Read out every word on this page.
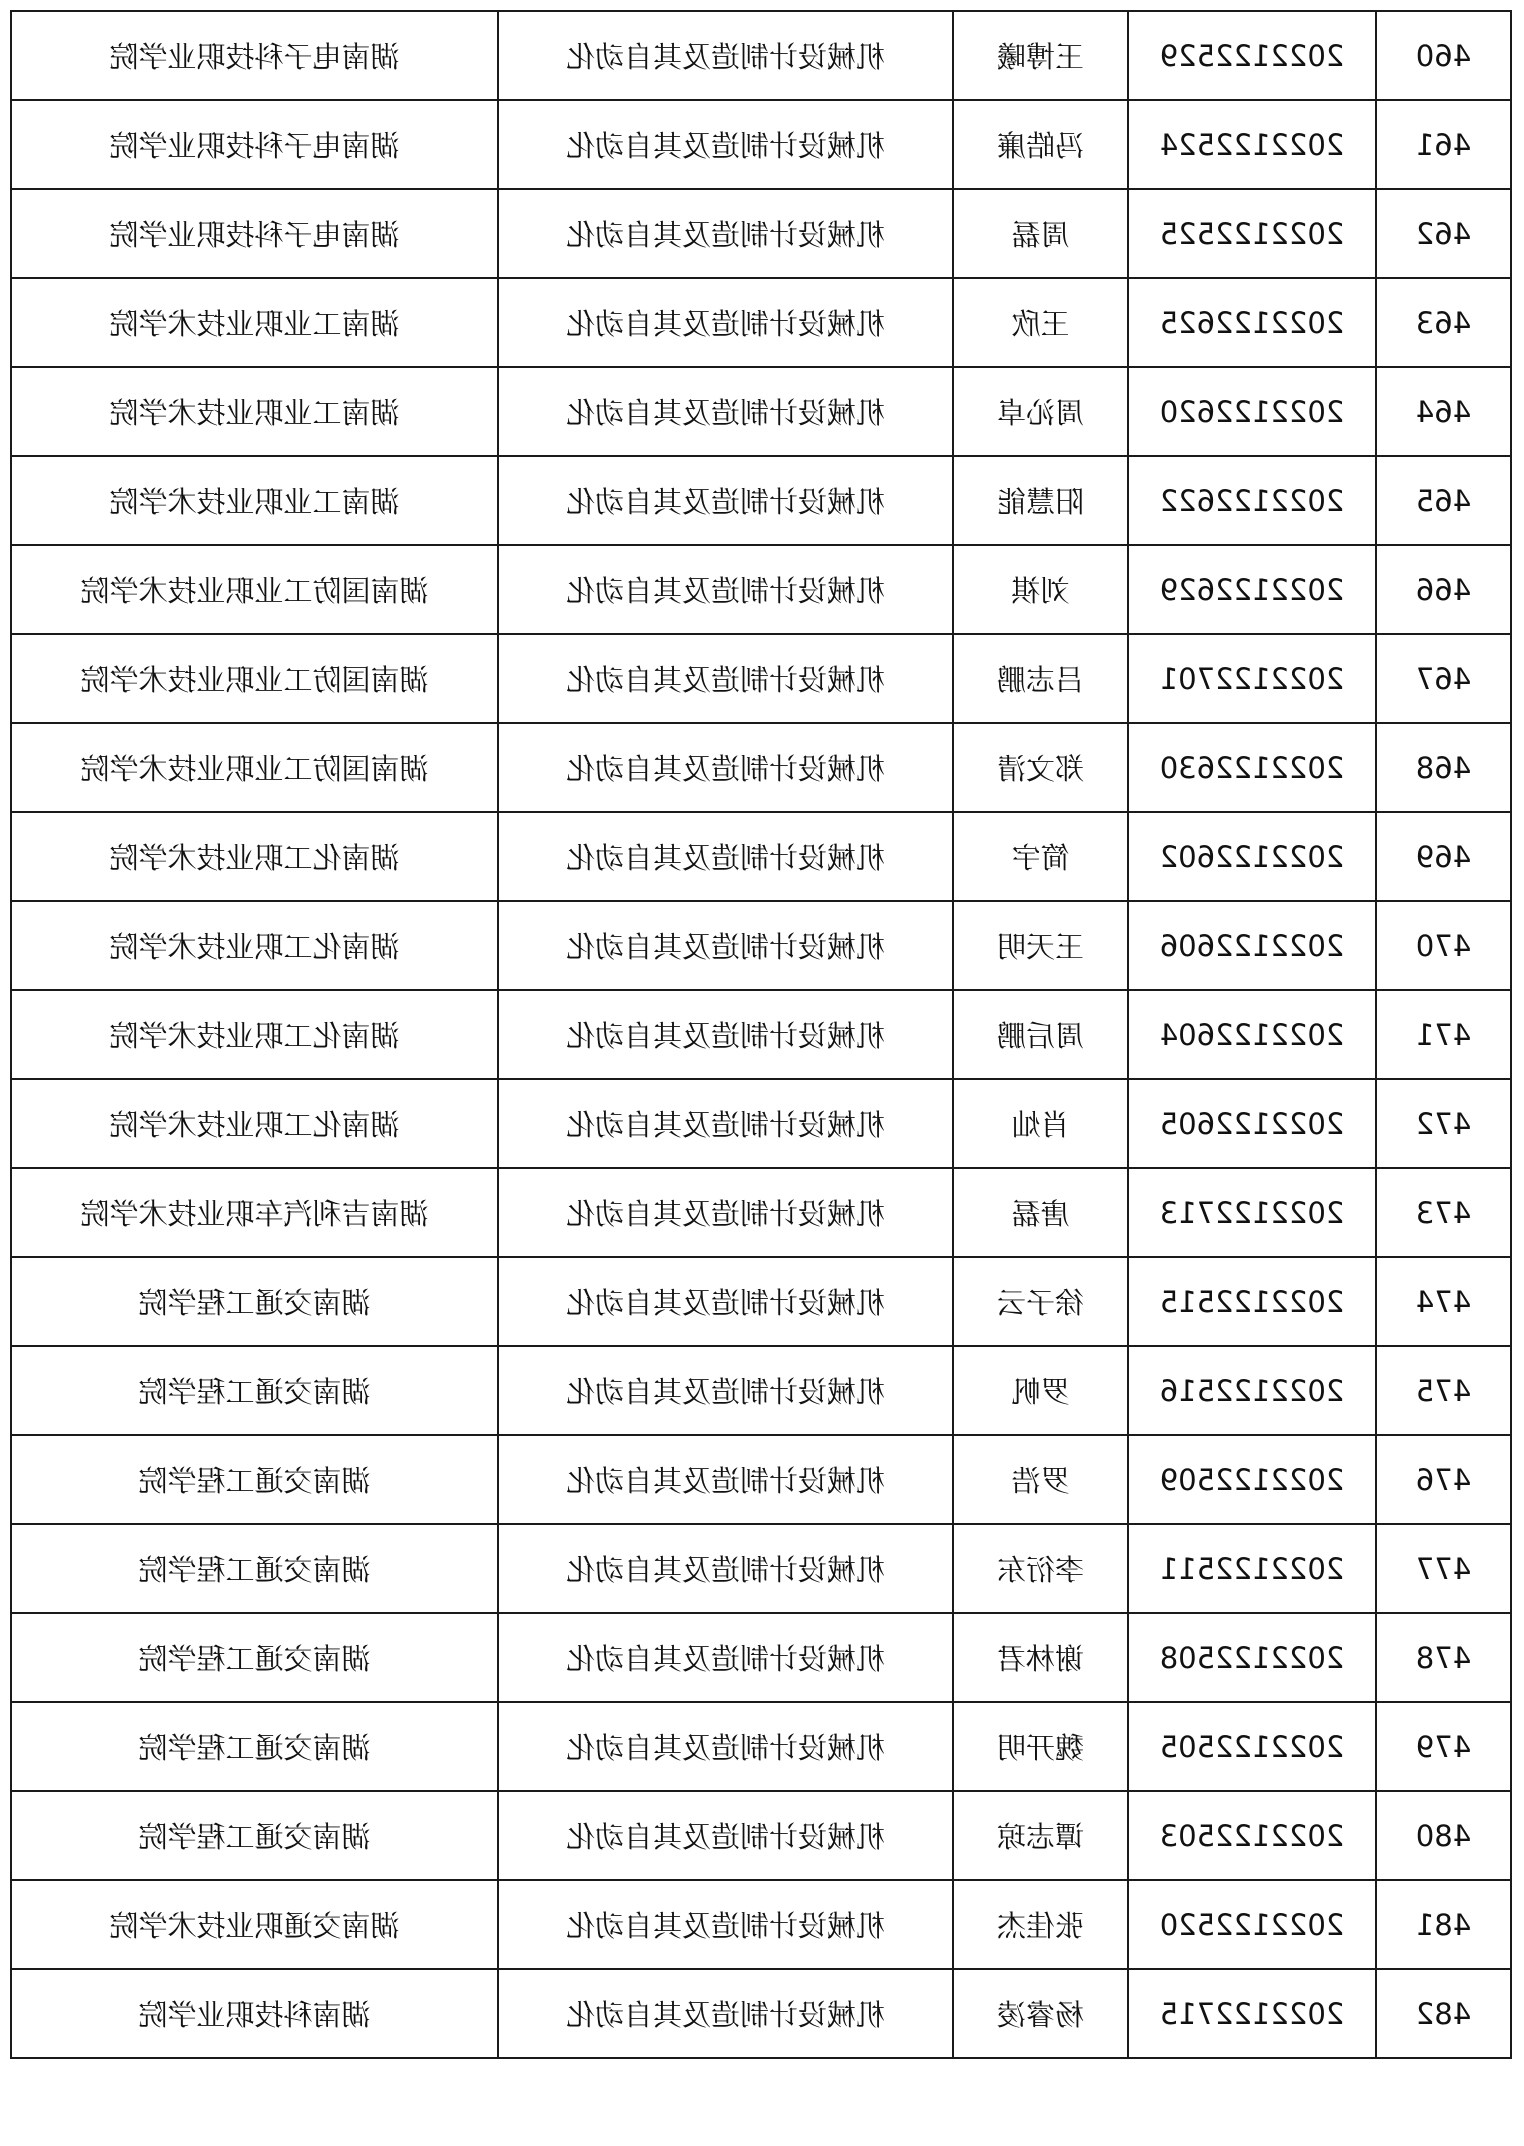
460	2022122529	王博曦	机械设计制造及其自动化	湖南电子科技职业学院
461	2022122524	冯皓廉	机械设计制造及其自动化	湖南电子科技职业学院
462	2022122525	周磊	机械设计制造及其自动化	湖南电子科技职业学院
463	2022122625	王欣	机械设计制造及其自动化	湖南工业职业技术学院
464	2022122620	周沁卓	机械设计制造及其自动化	湖南工业职业技术学院
465	2022122622	阳慧能	机械设计制造及其自动化	湖南工业职业技术学院
466	2022122629	刘祺	机械设计制造及其自动化	湖南国防工业职业技术学院
467	2022122701	吕志鹏	机械设计制造及其自动化	湖南国防工业职业技术学院
468	2022122630	郑文清	机械设计制造及其自动化	湖南国防工业职业技术学院
469	2022122602	简宇	机械设计制造及其自动化	湖南化工职业技术学院
470	2022122606	王天明	机械设计制造及其自动化	湖南化工职业技术学院
471	2022122604	周后鹏	机械设计制造及其自动化	湖南化工职业技术学院
472	2022122605	肖灿	机械设计制造及其自动化	湖南化工职业技术学院
473	2022122713	唐磊	机械设计制造及其自动化	湖南吉利汽车职业技术学院
474	2022122515	徐子云	机械设计制造及其自动化	湖南交通工程学院
475	2022122516	罗帆	机械设计制造及其自动化	湖南交通工程学院
476	2022122509	罗浩	机械设计制造及其自动化	湖南交通工程学院
477	2022122511	李衍东	机械设计制造及其自动化	湖南交通工程学院
478	2022122508	谢林君	机械设计制造及其自动化	湖南交通工程学院
479	2022122505	魏开明	机械设计制造及其自动化	湖南交通工程学院
480	2022122503	谭志琼	机械设计制造及其自动化	湖南交通工程学院
481	2022122520	张佳杰	机械设计制造及其自动化	湖南交通职业技术学院
482	2022122715	杨睿凌	机械设计制造及其自动化	湖南科技职业学院
